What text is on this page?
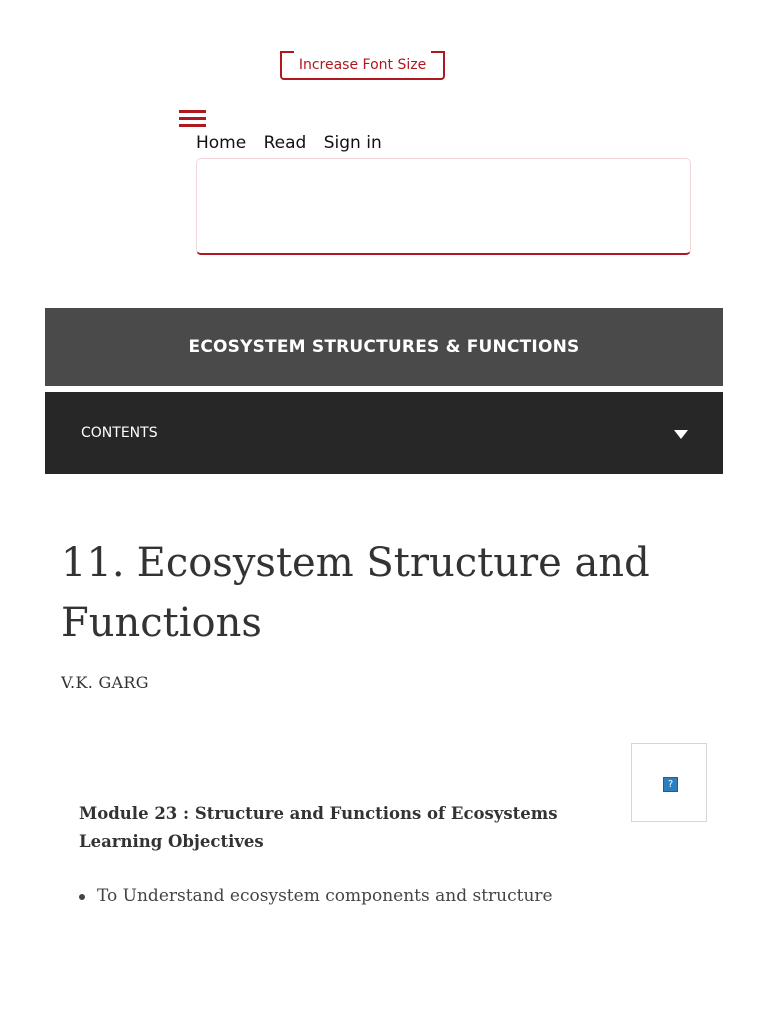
Increase Font Size
Home Read Sign in
ECOSYSTEM STRUCTURES & FUNCTIONS
CONTENTS
11. Ecosystem Structure and Functions
V.K. GARG
?
Module 23 : Structure and Functions of Ecosystems
Learning Objectives
To Understand ecosystem components and structure
